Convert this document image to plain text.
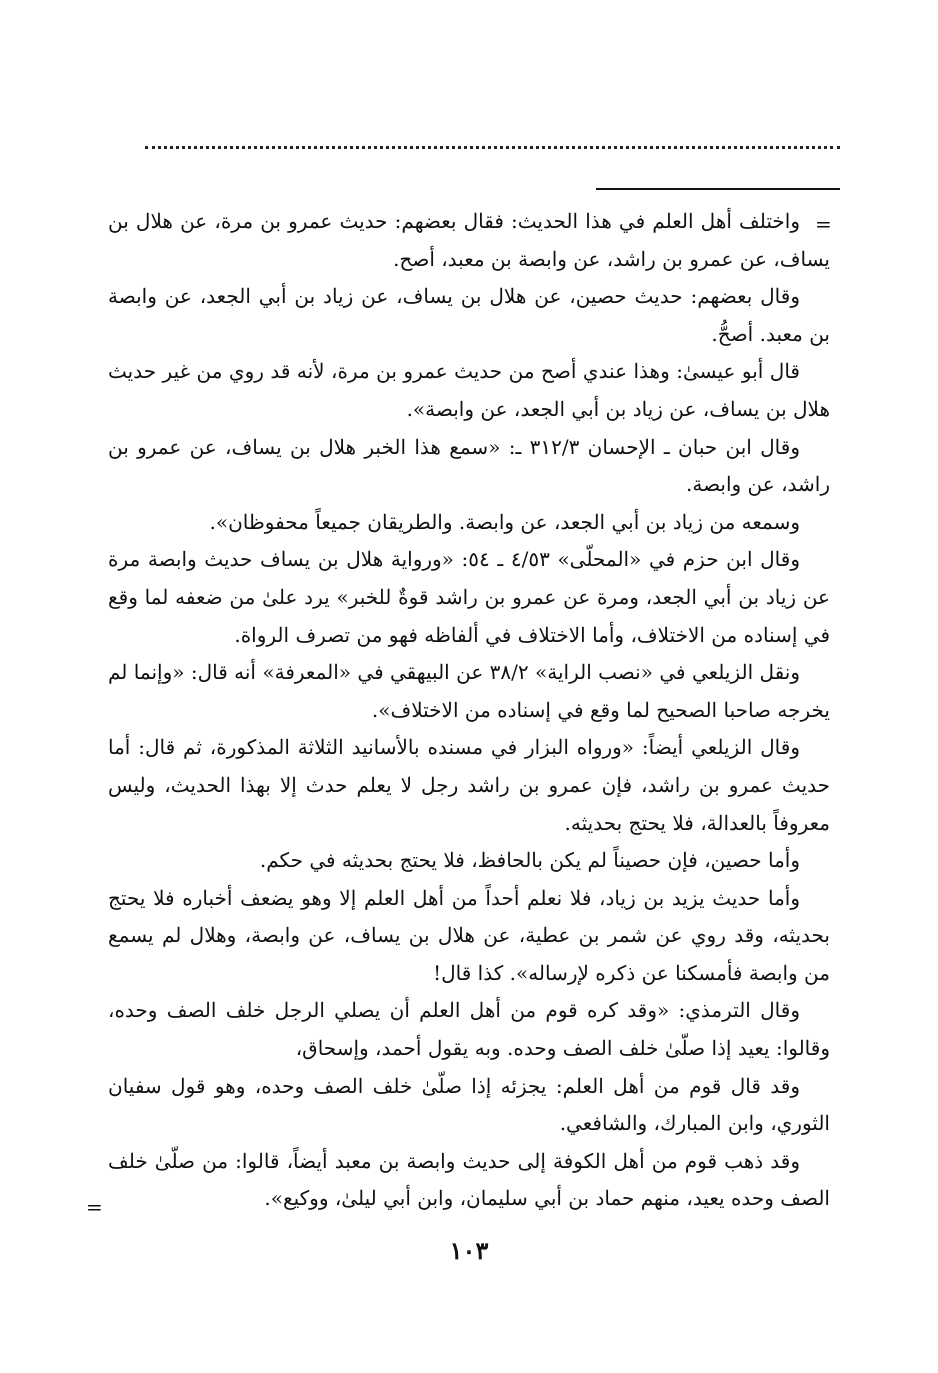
=

واختلف أهل العلم في هذا الحديث: فقال بعضهم: حديث عمرو بن مرة، عن هلال بن يساف، عن عمرو بن راشد، عن وابصة بن معبد، أصح.

وقال بعضهم: حديث حصين، عن هلال بن يساف، عن زياد بن أبي الجعد، عن وابصة بن معبد. أصحُّ.

قال أبو عيسىٰ: وهذا عندي أصح من حديث عمرو بن مرة، لأنه قد روي من غير حديث هلال بن يساف، عن زياد بن أبي الجعد، عن وابصة».

وقال ابن حبان ـ الإحسان ٣١٢/٣ ـ: «سمع هذا الخبر هلال بن يساف، عن عمرو بن راشد، عن وابصة.

وسمعه من زياد بن أبي الجعد، عن وابصة. والطريقان جميعاً محفوظان».

وقال ابن حزم في «المحلّى» ٤/٥٣ ـ ٥٤: «ورواية هلال بن يساف حديث وابصة مرة عن زياد بن أبي الجعد، ومرة عن عمرو بن راشد قوةٌ للخبر» يرد علىٰ من ضعفه لما وقع في إسناده من الاختلاف، وأما الاختلاف في ألفاظه فهو من تصرف الرواة.

ونقل الزيلعي في «نصب الراية» ٣٨/٢ عن البيهقي في «المعرفة» أنه قال: «وإنما لم يخرجه صاحبا الصحيح لما وقع في إسناده من الاختلاف».

وقال الزيلعي أيضاً: «ورواه البزار في مسنده بالأسانيد الثلاثة المذكورة، ثم قال: أما حديث عمرو بن راشد، فإن عمرو بن راشد رجل لا يعلم حدث إلا بهذا الحديث، وليس معروفاً بالعدالة، فلا يحتج بحديثه.

وأما حصين، فإن حصيناً لم يكن بالحافظ، فلا يحتج بحديثه في حكم.

وأما حديث يزيد بن زياد، فلا نعلم أحداً من أهل العلم إلا وهو يضعف أخباره فلا يحتج بحديثه، وقد روي عن شمر بن عطية، عن هلال بن يساف، عن وابصة، وهلال لم يسمع من وابصة فأمسكنا عن ذكره لإرساله». كذا قال!

وقال الترمذي: «وقد كره قوم من أهل العلم أن يصلي الرجل خلف الصف وحده، وقالوا: يعيد إذا صلّىٰ خلف الصف وحده. وبه يقول أحمد، وإسحاق،

وقد قال قوم من أهل العلم: يجزئه إذا صلّىٰ خلف الصف وحده، وهو قول سفيان الثوري، وابن المبارك، والشافعي.

وقد ذهب قوم من أهل الكوفة إلى حديث وابصة بن معبد أيضاً، قالوا: من صلّىٰ خلف الصف وحده يعيد، منهم حماد بن أبي سليمان، وابن أبي ليلىٰ، ووكيع».

=
١٠٣
